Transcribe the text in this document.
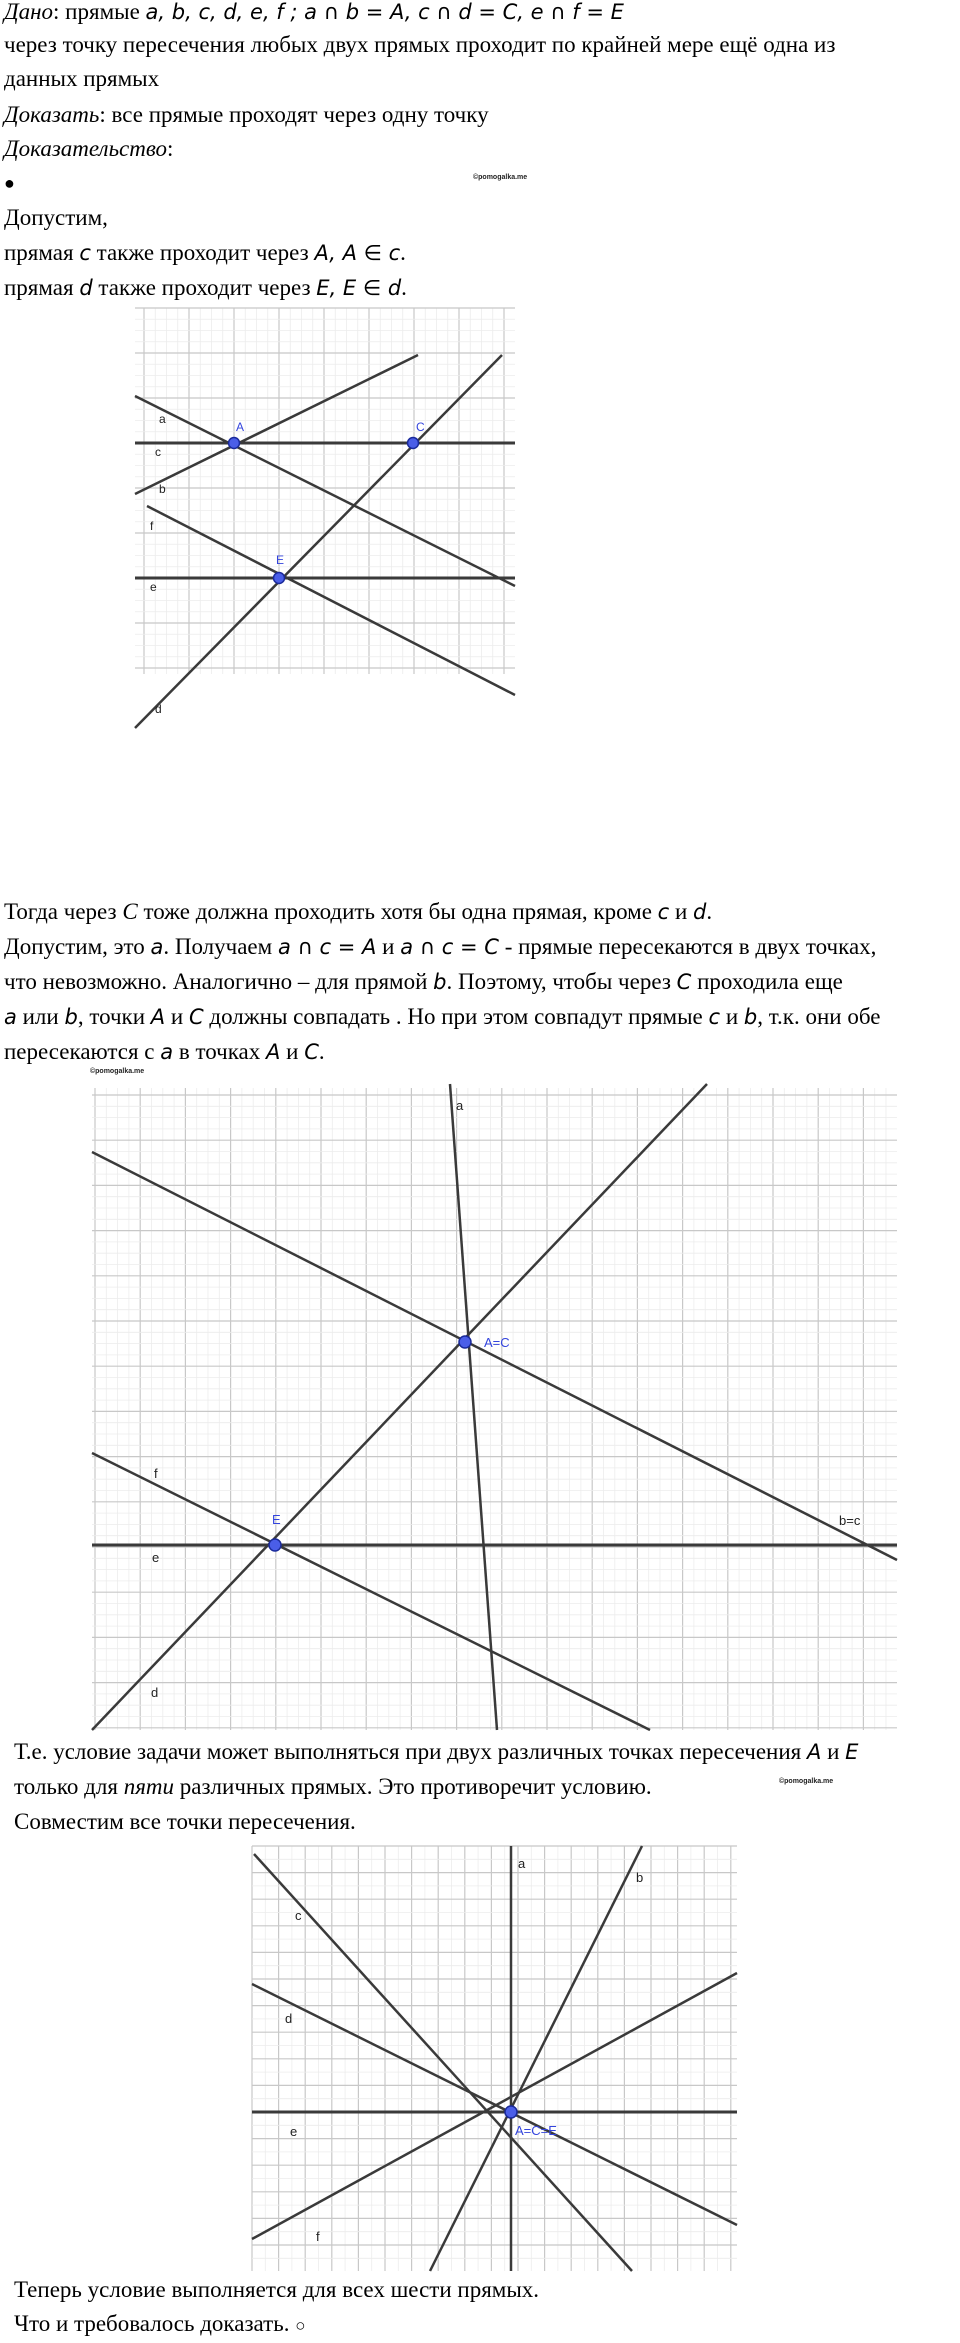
Дано: прямые a, b, c, d, e, f ; a ∩ b = A, c ∩ d = C, e ∩ f = E
через точку пересечения любых двух прямых проходит по крайней мере ещё одна из
данных прямых
Доказать: все прямые проходят через одну точку
Доказательство:
●	©pomogalka.me
Допустим,
прямая c также проходит через A, A ∈ c.
прямая d также проходит через E, E ∈ d.
a
c
b
f
e
d
A	C
E
Тогда через C тоже должна проходить хотя бы одна прямая, кроме c и d.
Допустим, это a. Получаем a ∩ c = A и a ∩ c = C - прямые пересекаются в двух точках,
что невозможно. Аналогично – для прямой b. Поэтому, чтобы через C проходила еще
a или b, точки A и C должны совпадать . Но при этом совпадут прямые c и b, т.к. они обе
пересекаются с a в точках A и C.
©pomogalka.me
a
b=c
f
e
d
A=C
E
Т.е. условие задачи может выполняться при двух различных точках пересечения A и E
только для пяти различных прямых. Это противоречит условию.	©pomogalka.me
Совместим все точки пересечения.
a
b
c
d
e
f
A=C=E
Теперь условие выполняется для всех шести прямых.
Что и требовалось доказать. ○
